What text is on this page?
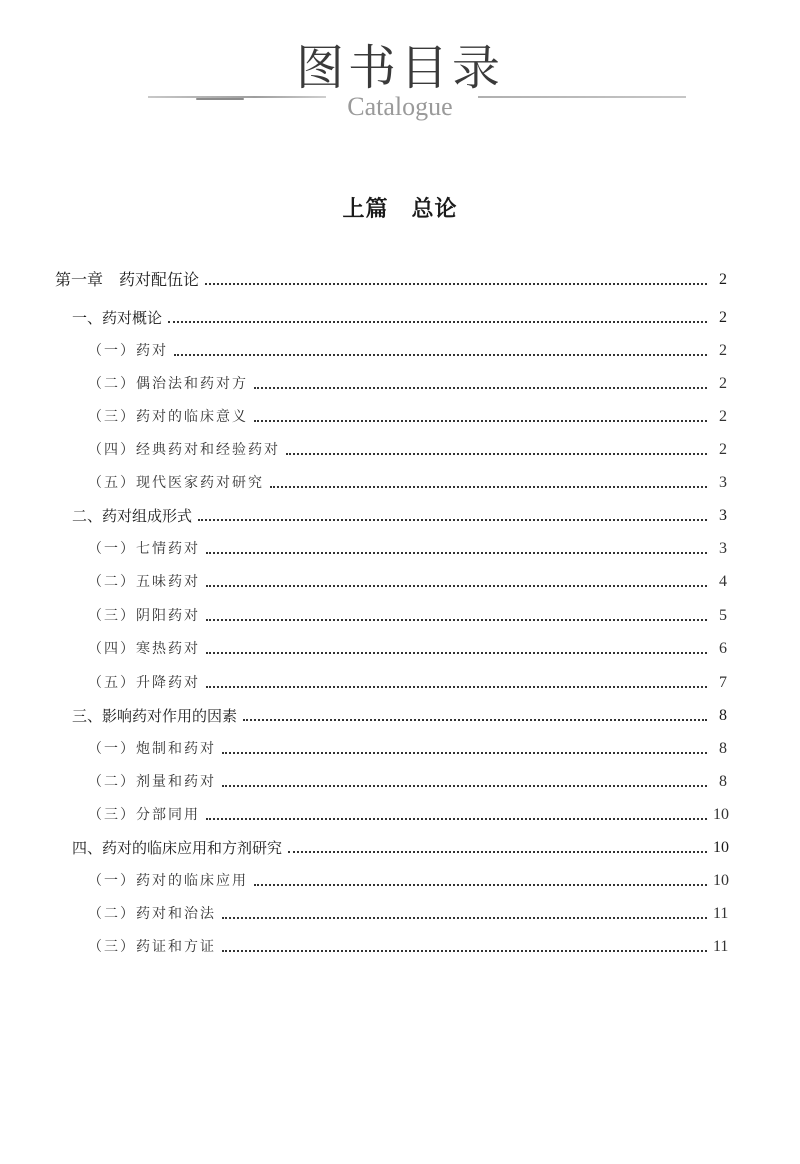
图书目录
Catalogue
上篇　总论
第一章　药对配伍论	2
一、药对概论	2
（一）药对	2
（二）偶治法和药对方	2
（三）药对的临床意义	2
（四）经典药对和经验药对	2
（五）现代医家药对研究	3
二、药对组成形式	3
（一）七情药对	3
（二）五味药对	4
（三）阴阳药对	5
（四）寒热药对	6
（五）升降药对	7
三、影响药对作用的因素	8
（一）炮制和药对	8
（二）剂量和药对	8
（三）分部同用	10
四、药对的临床应用和方剂研究	10
（一）药对的临床应用	10
（二）药对和治法	11
（三）药证和方证	11
